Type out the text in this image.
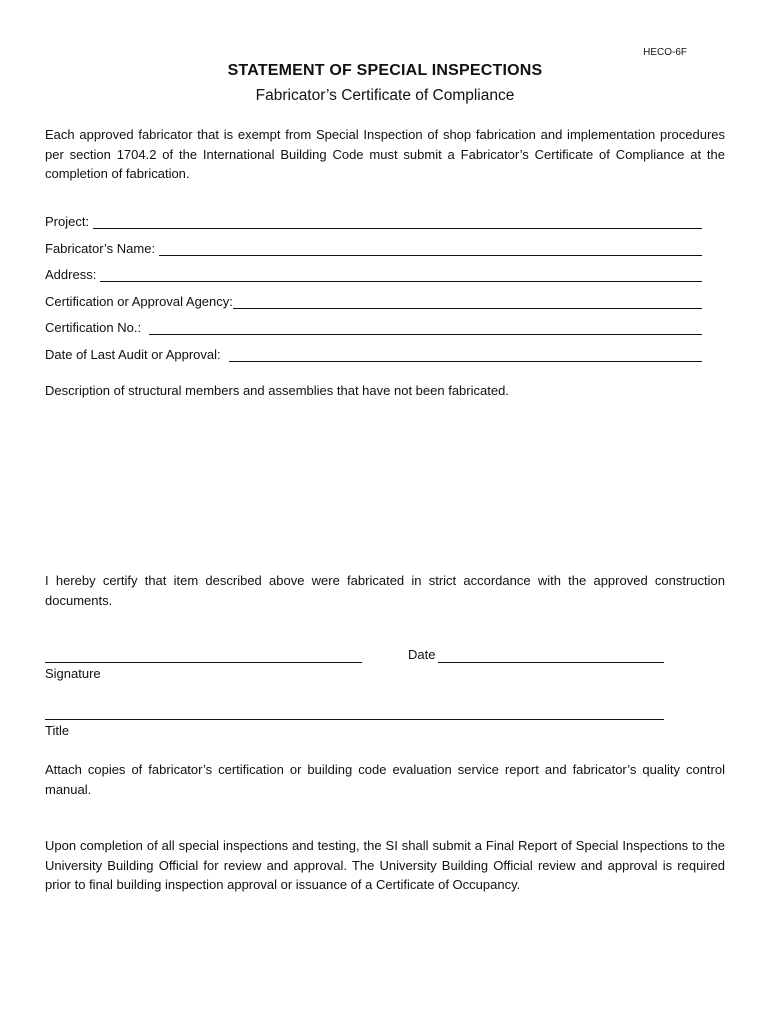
HECO-6F
STATEMENT OF SPECIAL INSPECTIONS
Fabricator’s Certificate of Compliance
Each approved fabricator that is exempt from Special Inspection of shop fabrication and implementation procedures per section 1704.2 of the International Building Code must submit a Fabricator’s Certificate of Compliance at the completion of fabrication.
Project:
Fabricator’s Name:
Address:
Certification or Approval Agency:
Certification No.:
Date of Last Audit or Approval:
Description of structural members and assemblies that have not been fabricated.
I hereby certify that item described above were fabricated in strict accordance with the approved construction documents.
Signature
Date
Title
Attach copies of fabricator’s certification or building code evaluation service report and fabricator’s quality control manual.
Upon completion of all special inspections and testing, the SI shall submit a Final Report of Special Inspections to the University Building Official for review and approval. The University Building Official review and approval is required prior to final building inspection approval or issuance of a Certificate of Occupancy.
